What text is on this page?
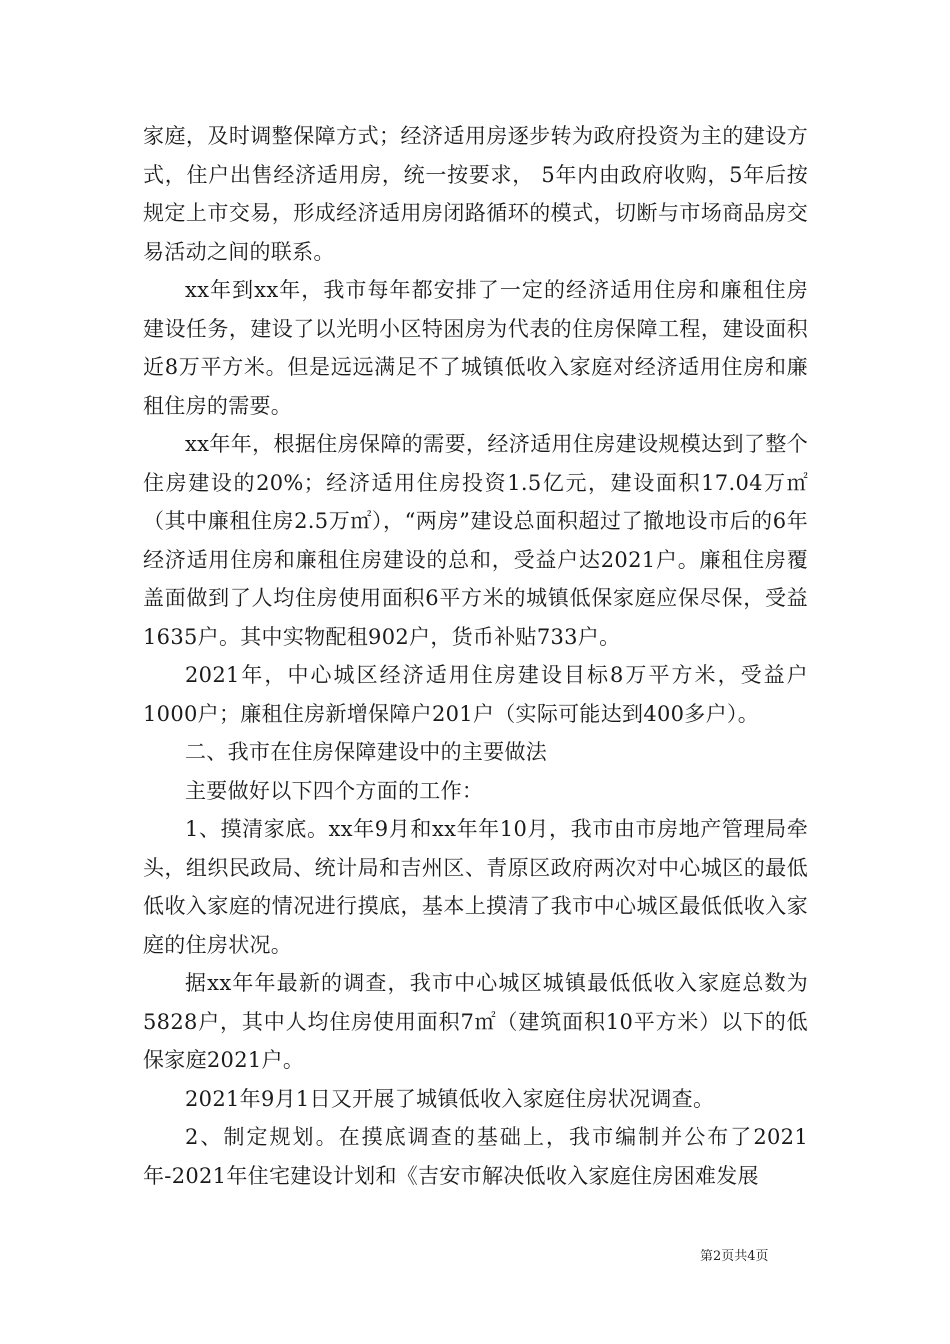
家庭，及时调整保障方式；经济适用房逐步转为政府投资为主的建设方式，住户出售经济适用房，统一按要求， 5年内由政府收购，5年后按规定上市交易，形成经济适用房闭路循环的模式，切断与市场商品房交易活动之间的联系。

xx年到xx年，我市每年都安排了一定的经济适用住房和廉租住房建设任务，建设了以光明小区特困房为代表的住房保障工程，建设面积近8万平方米。但是远远满足不了城镇低收入家庭对经济适用住房和廉租住房的需要。

xx年年，根据住房保障的需要，经济适用住房建设规模达到了整个住房建设的20%；经济适用住房投资1.5亿元，建设面积17.04万㎡（其中廉租住房2.5万㎡），“两房”建设总面积超过了撤地设市后的6年经济适用住房和廉租住房建设的总和，受益户达2021户。廉租住房覆盖面做到了人均住房使用面积6平方米的城镇低保家庭应保尽保，受益1635户。其中实物配租902户，货币补贴733户。

2021年，中心城区经济适用住房建设目标8万平方米，受益户1000户；廉租住房新增保障户201户（实际可能达到400多户）。

二、我市在住房保障建设中的主要做法

主要做好以下四个方面的工作：

1、摸清家底。xx年9月和xx年年10月，我市由市房地产管理局牵头，组织民政局、统计局和吉州区、青原区政府两次对中心城区的最低低收入家庭的情况进行摸底，基本上摸清了我市中心城区最低低收入家庭的住房状况。

据xx年年最新的调查，我市中心城区城镇最低低收入家庭总数为5828户，其中人均住房使用面积7㎡（建筑面积10平方米）以下的低保家庭2021户。

2021年9月1日又开展了城镇低收入家庭住房状况调查。

2、制定规划。在摸底调查的基础上，我市编制并公布了2021年-2021年住宅建设计划和《吉安市解决低收入家庭住房困难发展

第2页共4页
